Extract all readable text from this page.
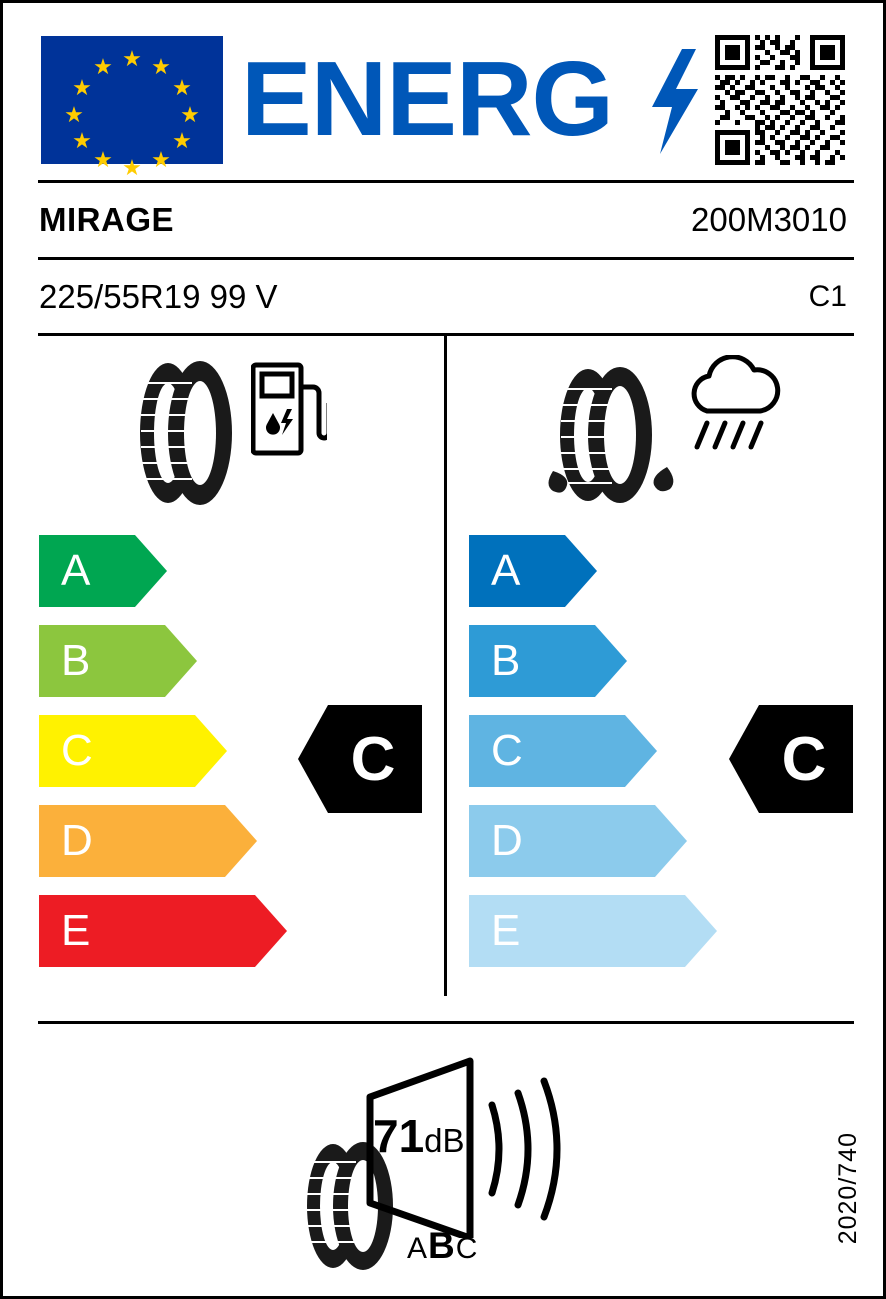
★
★ ★
★	★
★	★
★	★
★ ★
★
ENERG
MIRAGE	200M3010
225/55R19 99 V	C1
A
B
C
D
E
C
A
B
C
D
E
C
71dB
ABC
2020/740
